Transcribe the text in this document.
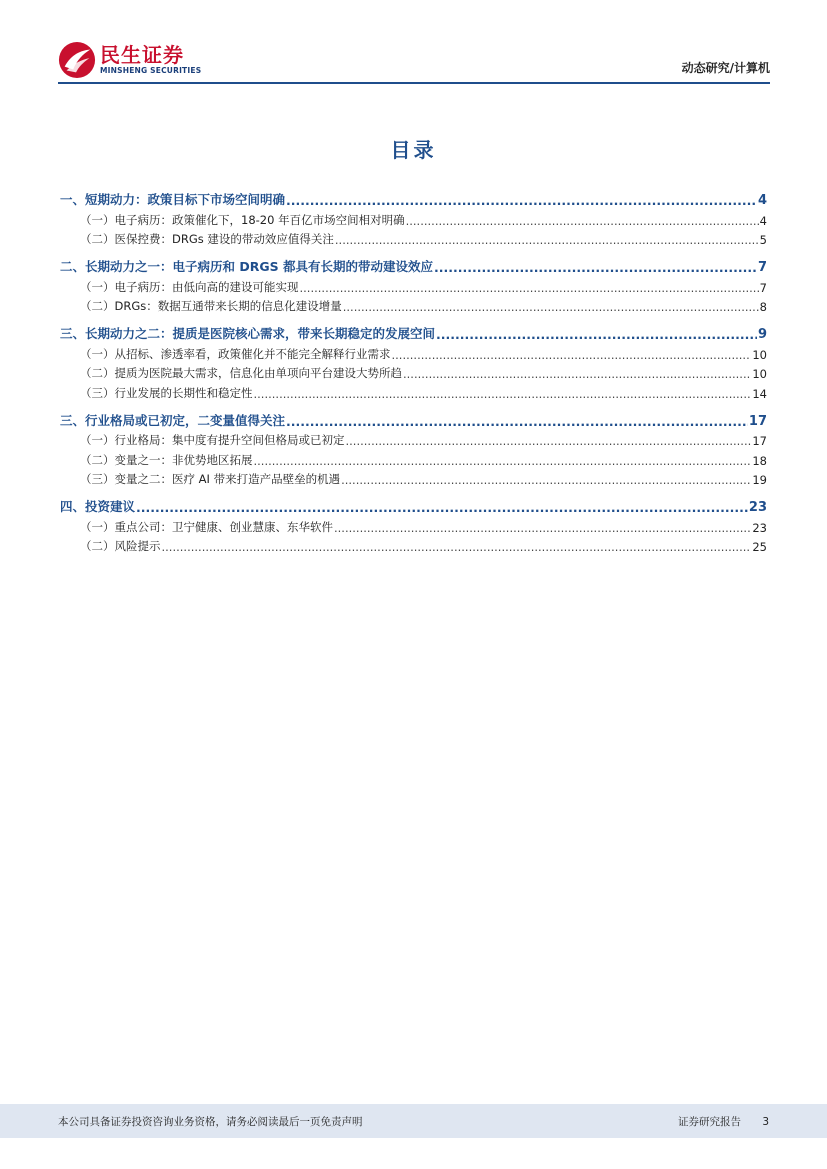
民生证券
MINSHENG SECURITIES	动态研究/计算机
目录
一、短期动力：政策目标下市场空间明确 .....	4
（一）电子病历：政策催化下，18-20 年百亿市场空间相对明确 .....	4
（二）医保控费：DRGs 建设的带动效应值得关注 .....	5
二、长期动力之一：电子病历和 DRGS 都具有长期的带动建设效应 .....	7
（一）电子病历：由低向高的建设可能实现 .....	7
（二）DRGs：数据互通带来长期的信息化建设增量 .....	8
三、长期动力之二：提质是医院核心需求，带来长期稳定的发展空间 .....	9
（一）从招标、渗透率看，政策催化并不能完全解释行业需求 .....	10
（二）提质为医院最大需求，信息化由单项向平台建设大势所趋 .....	10
（三）行业发展的长期性和稳定性 .....	14
三、行业格局或已初定，二变量值得关注 .....	17
（一）行业格局：集中度有提升空间但格局或已初定 .....	17
（二）变量之一：非优势地区拓展 .....	18
（三）变量之二：医疗 AI 带来打造产品壁垒的机遇 .....	19
四、投资建议 .....	23
（一）重点公司：卫宁健康、创业慧康、东华软件 .....	23
（二）风险提示 .....	25
本公司具备证券投资咨询业务资格，请务必阅读最后一页免责声明	证券研究报告 3
